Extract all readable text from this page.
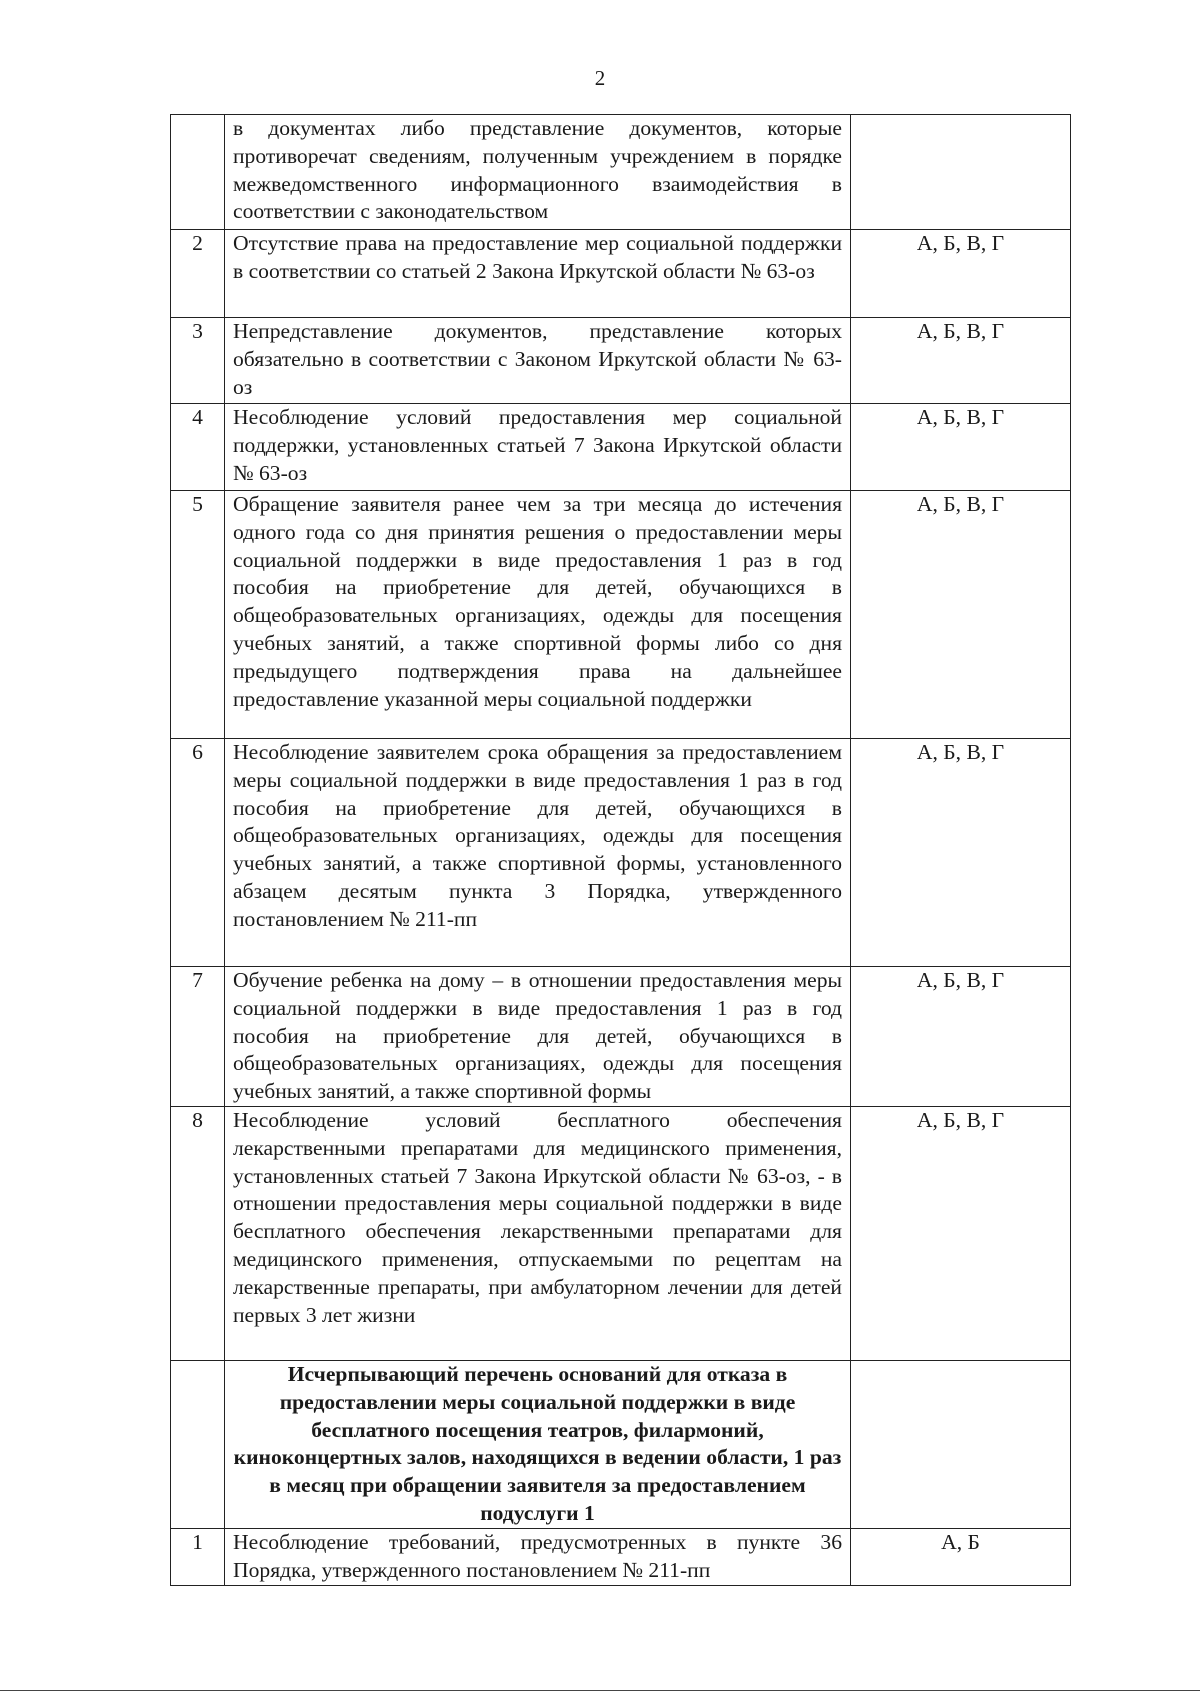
2
	в документах либо представление документов, которые противоречат сведениям, полученным учреждением в порядке межведомственного информационного взаимодействия в соответствии с законодательством	
2	Отсутствие права на предоставление мер социальной поддержки в соответствии со статьей 2 Закона Иркутской области № 63-оз	А, Б, В, Г
3	Непредставление документов, представление которых обязательно в соответствии с Законом Иркутской области № 63-оз	А, Б, В, Г
4	Несоблюдение условий предоставления мер социальной поддержки, установленных статьей 7 Закона Иркутской области № 63-оз	А, Б, В, Г
5	Обращение заявителя ранее чем за три месяца до истечения одного года со дня принятия решения о предоставлении меры социальной поддержки в виде предоставления 1 раз в год пособия на приобретение для детей, обучающихся в общеобразовательных организациях, одежды для посещения учебных занятий, а также спортивной формы либо со дня предыдущего подтверждения права на дальнейшее предоставление указанной меры социальной поддержки	А, Б, В, Г
6	Несоблюдение заявителем срока обращения за предоставлением меры социальной поддержки в виде предоставления 1 раз в год пособия на приобретение для детей, обучающихся в общеобразовательных организациях, одежды для посещения учебных занятий, а также спортивной формы, установленного абзацем десятым пункта 3 Порядка, утвержденного постановлением № 211-пп	А, Б, В, Г
7	Обучение ребенка на дому – в отношении предоставления меры социальной поддержки в виде предоставления 1 раз в год пособия на приобретение для детей, обучающихся в общеобразовательных организациях, одежды для посещения учебных занятий, а также спортивной формы	А, Б, В, Г
8	Несоблюдение условий бесплатного обеспечения лекарственными препаратами для медицинского применения, установленных статьей 7 Закона Иркутской области № 63-оз, - в отношении предоставления меры социальной поддержки в виде бесплатного обеспечения лекарственными препаратами для медицинского применения, отпускаемыми по рецептам на лекарственные препараты, при амбулаторном лечении для детей первых 3 лет жизни	А, Б, В, Г
	Исчерпывающий перечень оснований для отказа в предоставлении меры социальной поддержки в виде бесплатного посещения театров, филармоний, киноконцертных залов, находящихся в ведении области, 1 раз в месяц при обращении заявителя за предоставлением подуслуги 1	
1	Несоблюдение требований, предусмотренных в пункте 36 Порядка, утвержденного постановлением № 211-пп	А, Б
